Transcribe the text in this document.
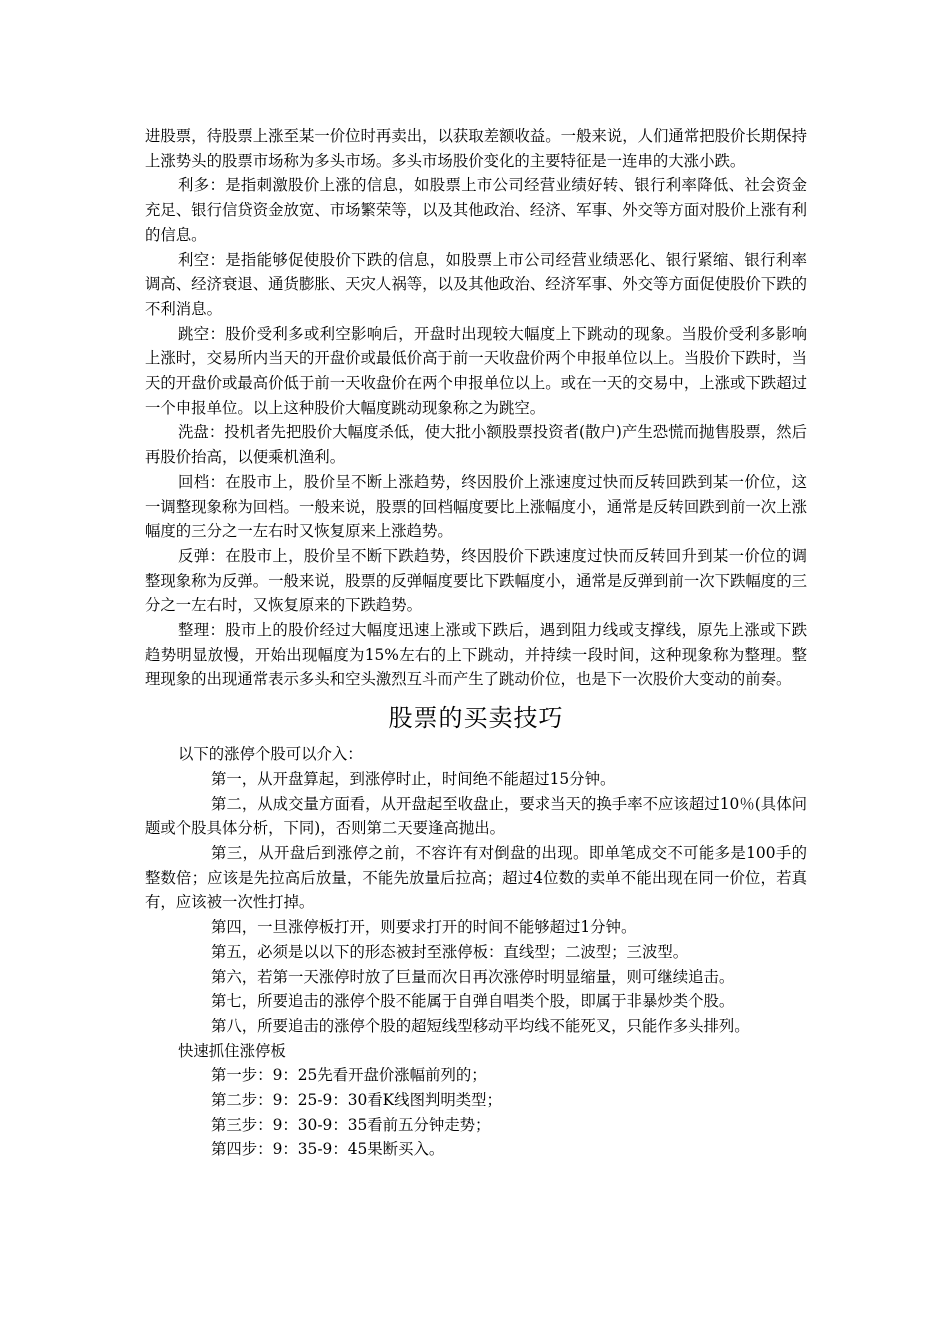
进股票，待股票上涨至某一价位时再卖出，以获取差额收益。一般来说，人们通常把股价长期保持上涨势头的股票市场称为多头市场。多头市场股价变化的主要特征是一连串的大涨小跌。

利多：是指刺激股价上涨的信息，如股票上市公司经营业绩好转、银行利率降低、社会资金充足、银行信贷资金放宽、市场繁荣等，以及其他政治、经济、军事、外交等方面对股价上涨有利的信息。

利空：是指能够促使股价下跌的信息，如股票上市公司经营业绩恶化、银行紧缩、银行利率调高、经济衰退、通货膨胀、天灾人祸等，以及其他政治、经济军事、外交等方面促使股价下跌的不利消息。

跳空：股价受利多或利空影响后，开盘时出现较大幅度上下跳动的现象。当股价受利多影响上涨时，交易所内当天的开盘价或最低价高于前一天收盘价两个申报单位以上。当股价下跌时，当天的开盘价或最高价低于前一天收盘价在两个申报单位以上。或在一天的交易中，上涨或下跌超过一个申报单位。以上这种股价大幅度跳动现象称之为跳空。

洗盘：投机者先把股价大幅度杀低，使大批小额股票投资者(散户)产生恐慌而抛售股票，然后再股价抬高，以便乘机渔利。

回档：在股市上，股价呈不断上涨趋势，终因股价上涨速度过快而反转回跌到某一价位，这一调整现象称为回档。一般来说，股票的回档幅度要比上涨幅度小，通常是反转回跌到前一次上涨幅度的三分之一左右时又恢复原来上涨趋势。

反弹：在股市上，股价呈不断下跌趋势，终因股价下跌速度过快而反转回升到某一价位的调整现象称为反弹。一般来说，股票的反弹幅度要比下跌幅度小，通常是反弹到前一次下跌幅度的三分之一左右时，又恢复原来的下跌趋势。

整理：股市上的股价经过大幅度迅速上涨或下跌后，遇到阻力线或支撑线，原先上涨或下跌趋势明显放慢，开始出现幅度为15%左右的上下跳动，并持续一段时间，这种现象称为整理。整理现象的出现通常表示多头和空头激烈互斗而产生了跳动价位，也是下一次股价大变动的前奏。

股票的买卖技巧

以下的涨停个股可以介入：

第一，从开盘算起，到涨停时止，时间绝不能超过15分钟。

第二，从成交量方面看，从开盘起至收盘止，要求当天的换手率不应该超过10％(具体问题或个股具体分析，下同)，否则第二天要逢高抛出。

第三，从开盘后到涨停之前，不容许有对倒盘的出现。即单笔成交不可能多是100手的整数倍；应该是先拉高后放量，不能先放量后拉高；超过4位数的卖单不能出现在同一价位，若真有，应该被一次性打掉。

第四，一旦涨停板打开，则要求打开的时间不能够超过1分钟。

第五，必须是以以下的形态被封至涨停板：直线型；二波型；三波型。

第六，若第一天涨停时放了巨量而次日再次涨停时明显缩量，则可继续追击。

第七，所要追击的涨停个股不能属于自弹自唱类个股，即属于非暴炒类个股。

第八，所要追击的涨停个股的超短线型移动平均线不能死叉，只能作多头排列。

快速抓住涨停板

第一步：9：25先看开盘价涨幅前列的；

第二步：9：25-9：30看K线图判明类型；

第三步：9：30-9：35看前五分钟走势；

第四步：9：35-9：45果断买入。
